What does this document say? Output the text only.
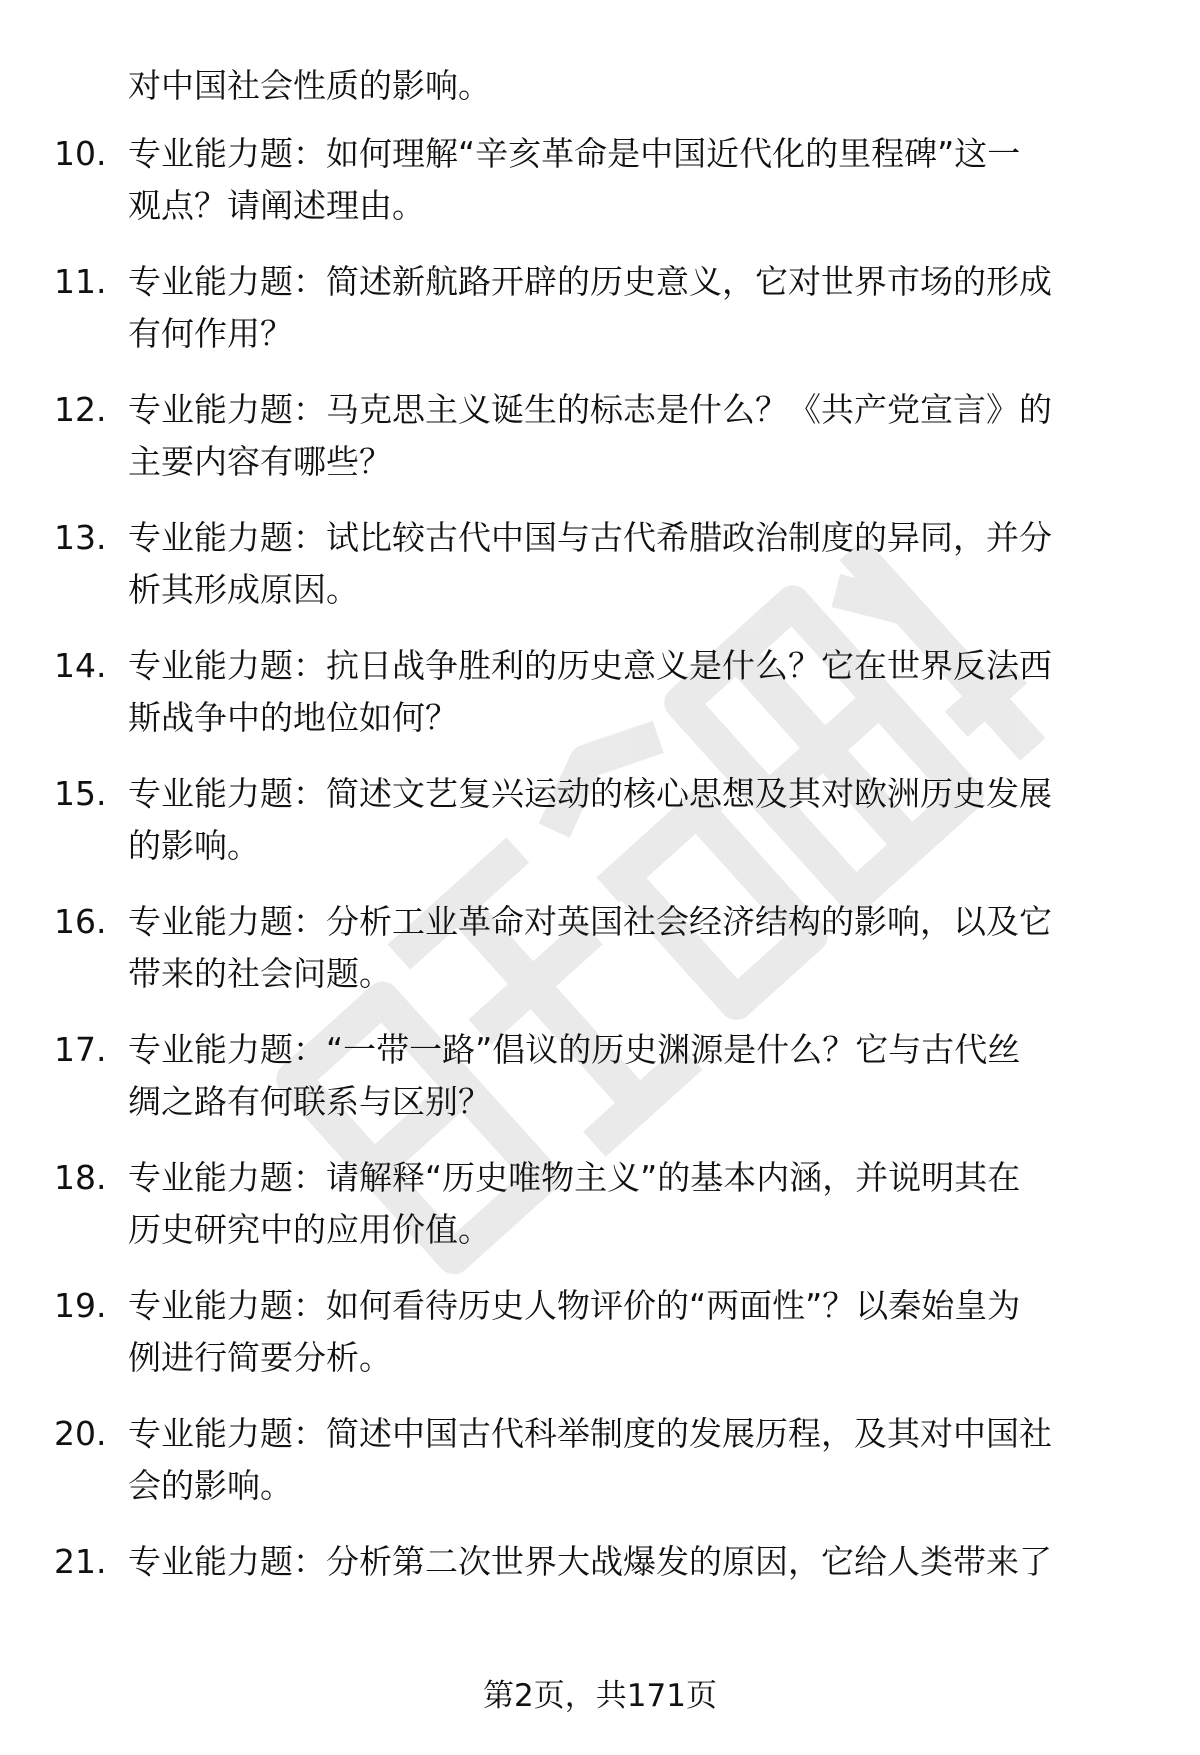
对中国社会性质的影响。
10. 专业能力题：如何理解“辛亥革命是中国近代化的里程碑”这一
观点？请阐述理由。
11. 专业能力题：简述新航路开辟的历史意义，它对世界市场的形成
有何作用？
12. 专业能力题：马克思主义诞生的标志是什么？《共产党宣言》的
主要内容有哪些？
13. 专业能力题：试比较古代中国与古代希腊政治制度的异同，并分
析其形成原因。
14. 专业能力题：抗日战争胜利的历史意义是什么？它在世界反法西
斯战争中的地位如何？
15. 专业能力题：简述文艺复兴运动的核心思想及其对欧洲历史发展
的影响。
16. 专业能力题：分析工业革命对英国社会经济结构的影响，以及它
带来的社会问题。
17. 专业能力题：“一带一路”倡议的历史渊源是什么？它与古代丝
绸之路有何联系与区别？
18. 专业能力题：请解释“历史唯物主义”的基本内涵，并说明其在
历史研究中的应用价值。
19. 专业能力题：如何看待历史人物评价的“两面性”？以秦始皇为
例进行简要分析。
20. 专业能力题：简述中国古代科举制度的发展历程，及其对中国社
会的影响。
21. 专业能力题：分析第二次世界大战爆发的原因，它给人类带来了
第2页，共171页
